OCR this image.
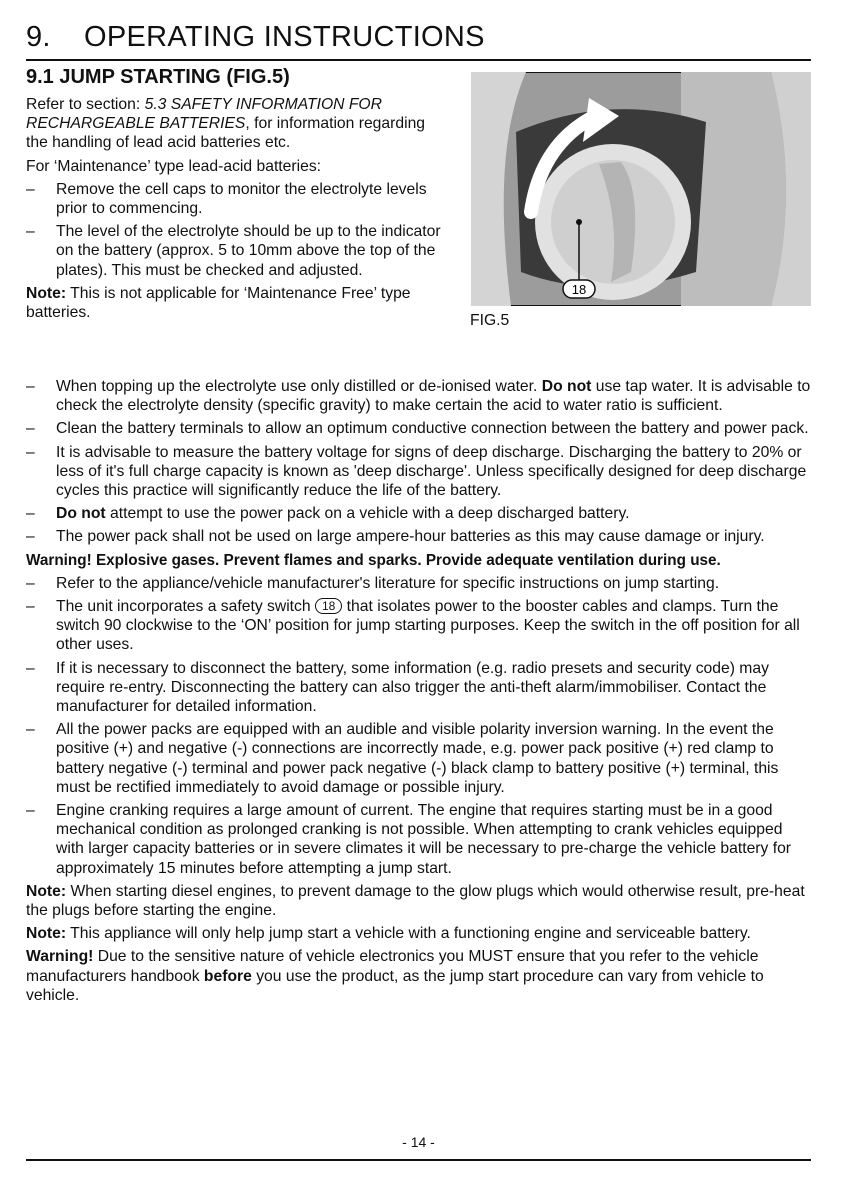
9.	OPERATING INSTRUCTIONS
9.1 JUMP STARTING (FIG.5)

Refer to section: 5.3 SAFETY INFORMATION FOR RECHARGEABLE BATTERIES, for information regarding the handling of lead acid batteries etc.

For ‘Maintenance’ type lead-acid batteries:

– Remove the cell caps to monitor the electrolyte levels prior to commencing.
– The level of the electrolyte should be up to the indicator on the battery (approx. 5 to 10mm above the top of the plates). This must be checked and adjusted.

Note: This is not applicable for ‘Maintenance Free’ type batteries.

18
FIG.5
– When topping up the electrolyte use only distilled or de-ionised water. Do not use tap water. It is advisable to check the electrolyte density (specific gravity) to make certain the acid to water ratio is sufficient.
– Clean the battery terminals to allow an optimum conductive connection between the battery and power pack.
– It is advisable to measure the battery voltage for signs of deep discharge. Discharging the battery to 20% or less of it's full charge capacity is known as 'deep discharge'. Unless specifically designed for deep discharge cycles this practice will significantly reduce the life of the battery.
– Do not attempt to use the power pack on a vehicle with a deep discharged battery.
– The power pack shall not be used on large ampere-hour batteries as this may cause damage or injury.

Warning! Explosive gases. Prevent flames and sparks. Provide adequate ventilation during use.

– Refer to the appliance/vehicle manufacturer's literature for specific instructions on jump starting.
– The unit incorporates a safety switch 18 that isolates power to the booster cables and clamps. Turn the switch 90 clockwise to the ‘ON’ position for jump starting purposes. Keep the switch in the off position for all other uses.
– If it is necessary to disconnect the battery, some information (e.g. radio presets and security code) may require re-entry. Disconnecting the battery can also trigger the anti-theft alarm/immobiliser. Contact the manufacturer for detailed information.
– All the power packs are equipped with an audible and visible polarity inversion warning. In the event the positive (+) and negative (-) connections are incorrectly made, e.g. power pack positive (+) red clamp to battery negative (-) terminal and power pack negative (-) black clamp to battery positive (+) terminal, this must be rectified immediately to avoid damage or possible injury.
– Engine cranking requires a large amount of current. The engine that requires starting must be in a good mechanical condition as prolonged cranking is not possible. When attempting to crank vehicles equipped with larger capacity batteries or in severe climates it will be necessary to pre-charge the vehicle battery for approximately 15 minutes before attempting a jump start.

Note: When starting diesel engines, to prevent damage to the glow plugs which would otherwise result, pre-heat the plugs before starting the engine.

Note: This appliance will only help jump start a vehicle with a functioning engine and serviceable battery.

Warning! Due to the sensitive nature of vehicle electronics you MUST ensure that you refer to the vehicle manufacturers handbook before you use the product, as the jump start procedure can vary from vehicle to vehicle.

- 14 -
